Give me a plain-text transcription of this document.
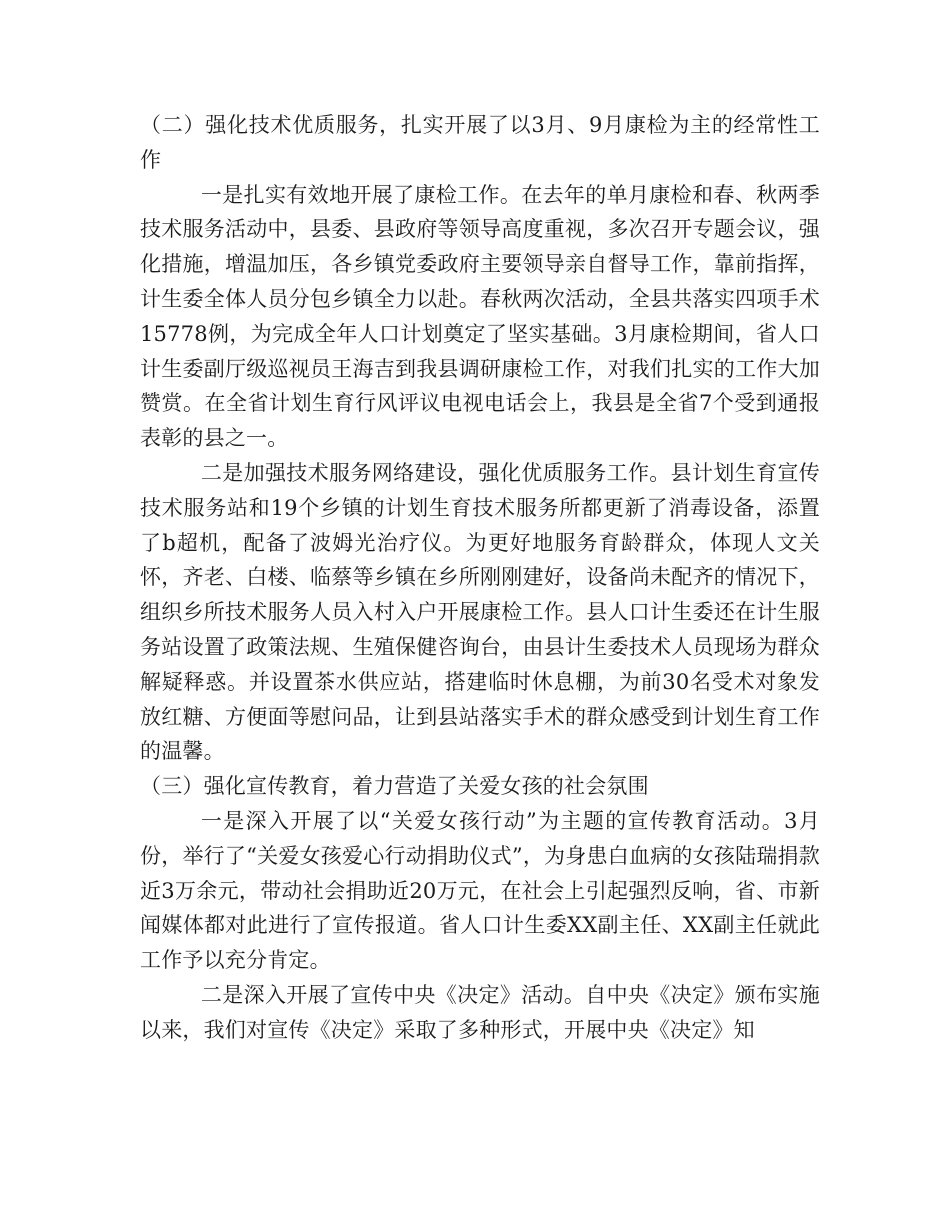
（二）强化技术优质服务，扎实开展了以3月、9月康检为主的经常性工作

一是扎实有效地开展了康检工作。在去年的单月康检和春、秋两季技术服务活动中，县委、县政府等领导高度重视，多次召开专题会议，强化措施，增温加压，各乡镇党委政府主要领导亲自督导工作，靠前指挥，计生委全体人员分包乡镇全力以赴。春秋两次活动，全县共落实四项手术15778例，为完成全年人口计划奠定了坚实基础。3月康检期间，省人口计生委副厅级巡视员王海吉到我县调研康检工作，对我们扎实的工作大加赞赏。在全省计划生育行风评议电视电话会上，我县是全省7个受到通报表彰的县之一。

二是加强技术服务网络建设，强化优质服务工作。县计划生育宣传技术服务站和19个乡镇的计划生育技术服务所都更新了消毒设备，添置了b超机，配备了波姆光治疗仪。为更好地服务育龄群众，体现人文关怀，齐老、白楼、临蔡等乡镇在乡所刚刚建好，设备尚未配齐的情况下，组织乡所技术服务人员入村入户开展康检工作。县人口计生委还在计生服务站设置了政策法规、生殖保健咨询台，由县计生委技术人员现场为群众解疑释惑。并设置茶水供应站，搭建临时休息棚，为前30名受术对象发放红糖、方便面等慰问品，让到县站落实手术的群众感受到计划生育工作的温馨。

（三）强化宣传教育，着力营造了关爱女孩的社会氛围

一是深入开展了以“关爱女孩行动”为主题的宣传教育活动。3月份，举行了“关爱女孩爱心行动捐助仪式”，为身患白血病的女孩陆瑞捐款近3万余元，带动社会捐助近20万元，在社会上引起强烈反响，省、市新闻媒体都对此进行了宣传报道。省人口计生委XX副主任、XX副主任就此工作予以充分肯定。

二是深入开展了宣传中央《决定》活动。自中央《决定》颁布实施以来，我们对宣传《决定》采取了多种形式，开展中央《决定》知
